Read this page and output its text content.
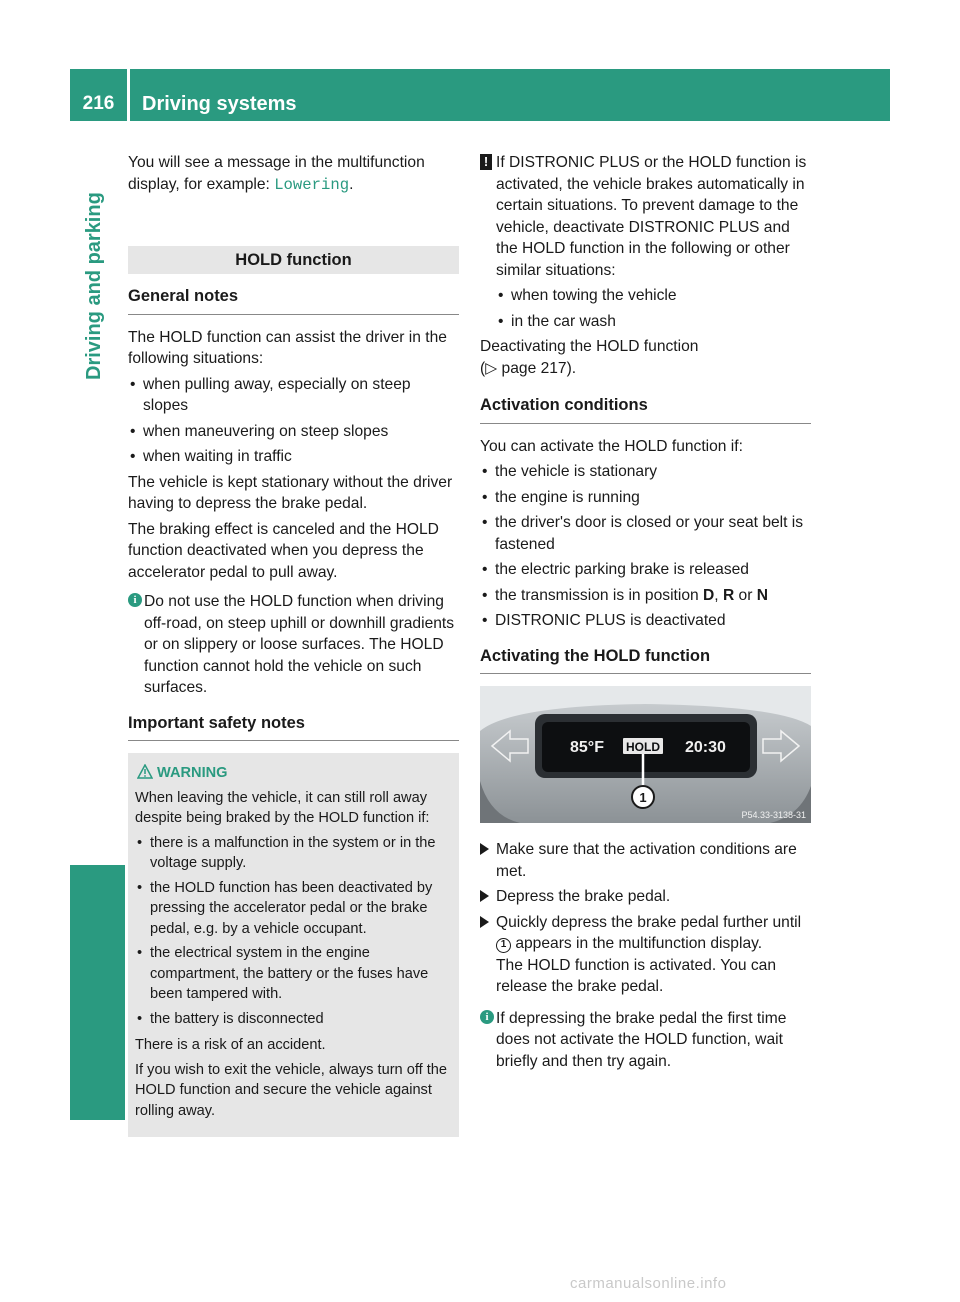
216	Driving systems
Driving and parking

You will see a message in the multifunction display, for example: Lowering.

HOLD function
General notes

The HOLD function can assist the driver in the following situations:

• when pulling away, especially on steep slopes
• when maneuvering on steep slopes
• when waiting in traffic

The vehicle is kept stationary without the driver having to depress the brake pedal.

The braking effect is canceled and the HOLD function deactivated when you depress the accelerator pedal to pull away.

i Do not use the HOLD function when driving off-road, on steep uphill or downhill gradients or on slippery or loose surfaces. The HOLD function cannot hold the vehicle on such surfaces.
Important safety notes
WARNING

When leaving the vehicle, it can still roll away despite being braked by the HOLD function if:

• there is a malfunction in the system or in the voltage supply.
• the HOLD function has been deactivated by pressing the accelerator pedal or the brake pedal, e.g. by a vehicle occupant.
• the electrical system in the engine compartment, the battery or the fuses have been tampered with.
• the battery is disconnected

There is a risk of an accident.

If you wish to exit the vehicle, always turn off the HOLD function and secure the vehicle against rolling away.

! If DISTRONIC PLUS or the HOLD function is activated, the vehicle brakes automatically in certain situations. To prevent damage to the vehicle, deactivate DISTRONIC PLUS and the HOLD function in the following or other similar situations:
• when towing the vehicle
• in the car wash

Deactivating the HOLD function
(▷ page 217).

Activation conditions

You can activate the HOLD function if:

• the vehicle is stationary
• the engine is running
• the driver's door is closed or your seat belt is fastened
• the electric parking brake is released
• the transmission is in position D, R or N
• DISTRONIC PLUS is deactivated
Activating the HOLD function
85°F HOLD 20:30
1
P54.33-3138-31
Make sure that the activation conditions are met.
Depress the brake pedal.
Quickly depress the brake pedal further until 1 appears in the multifunction display.
The HOLD function is activated. You can release the brake pedal.
i If depressing the brake pedal the first time does not activate the HOLD function, wait briefly and then try again.
carmanualsonline.info
